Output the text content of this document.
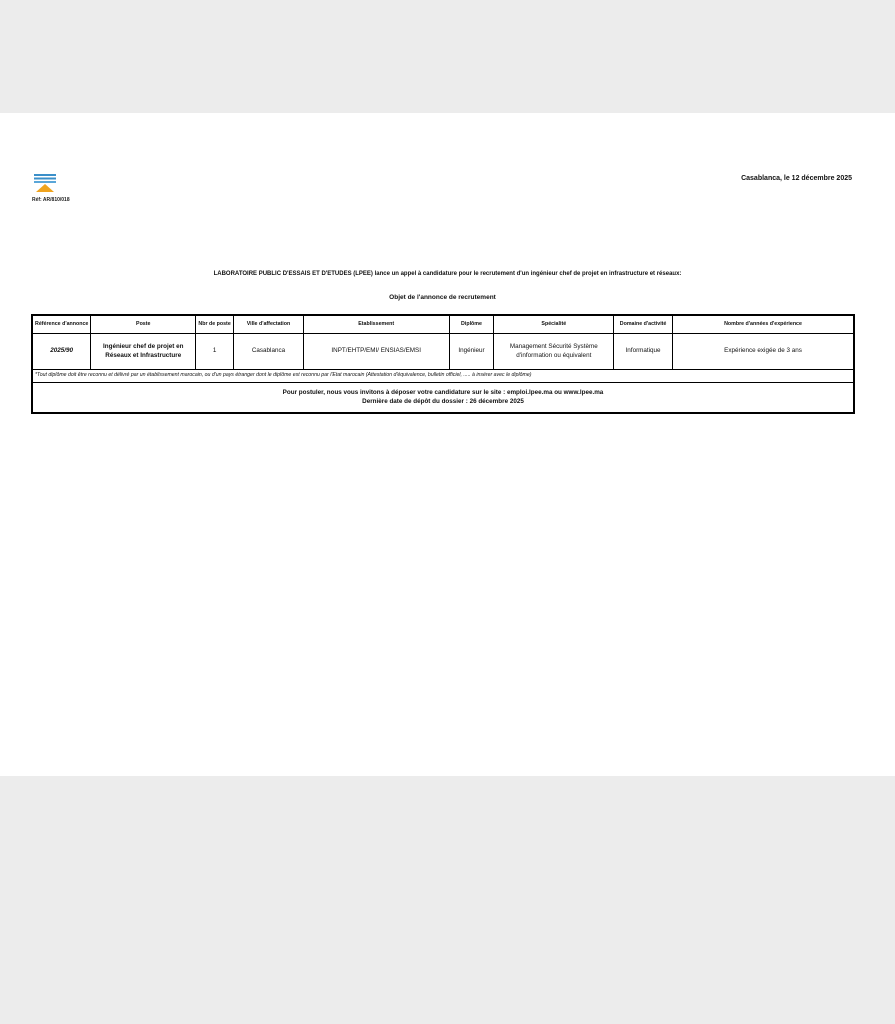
Réf: AR/810/018
Casablanca, le 12 décembre 2025
LABORATOIRE PUBLIC D'ESSAIS ET D'ETUDES (LPEE) lance un appel à candidature pour le recrutement d'un ingénieur chef de projet en infrastructure et réseaux:
Objet de l'annonce de recrutement
Référence d'annonce	Poste	Nbr de poste	Ville d'affectation	Etablissement	Diplôme	Spécialité	Domaine d'activité	Nombre d'années d'expérience
2025/90	Ingénieur chef de projet en Réseaux et Infrastructure	1	Casablanca	INPT/EHTP/EMI/ ENSIAS/EMSI	Ingénieur	Management Sécurité Système d'information ou équivalent	Informatique	Expérience exigée de 3 ans
*Tout diplôme doit être reconnu et délivré par un établissement marocain, ou d'un pays étranger dont le diplôme est reconnu par l'Etat marocain (Attestation d'équivalence, bulletin officiel, ..... à insérer avec le diplôme)								

Pour postuler, nous vous invitons à déposer votre candidature sur le site : emploi.lpee.ma ou www.lpee.ma
Dernière date de dépôt du dossier : 26 décembre 2025								
